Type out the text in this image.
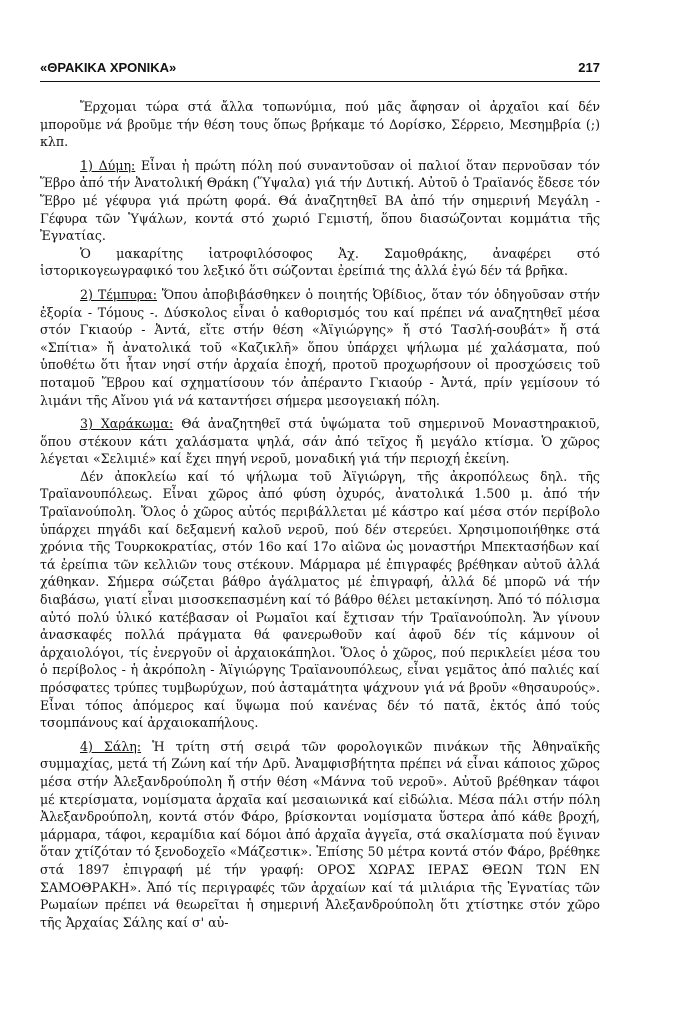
«ΘΡΑΚΙΚΑ ΧΡΟΝΙΚΑ»	217

Ἔρχομαι τώρα στά ἄλλα τοπωνύμια, πού μᾶς ἄφησαν οἱ ἀρχαῖοι καί δέν μποροῦμε νά βροῦμε τήν θέση τους ὅπως βρήκαμε τό Δορίσκο, Σέρρειο, Μεσημβρία (;) κλπ.

1) Δύμη: Εἶναι ἡ πρώτη πόλη πού συναντοῦσαν οἱ παλιοί ὅταν περνοῦσαν τόν Ἕβρο ἀπό τήν Ἀνατολική Θράκη (Ὕψαλα) γιά τήν Δυτική. Αὐτοῦ ὁ Τραϊανός ἔδεσε τόν Ἕβρο μέ γέφυρα γιά πρώτη φορά. Θά ἀναζητηθεῖ ΒΑ ἀπό τήν σημερινή Μεγάλη - Γέφυρα τῶν Ὑψάλων, κοντά στό χωριό Γεμιστή, ὅπου διασώζονται κομμάτια τῆς Ἐγνατίας.

Ὁ μακαρίτης ἰατροφιλόσοφος Ἀχ. Σαμοθράκης, ἀναφέρει στό ἱστορικογεωγραφικό του λεξικό ὅτι σώζονται ἐρείπιά της ἀλλά ἐγώ δέν τά βρῆκα.

2) Τέμπυρα: Ὅπου ἀποβιβάσθηκεν ὁ ποιητής Ὀβίδιος, ὅταν τόν ὁδηγοῦσαν στήν ἐξορία - Τόμους -. Δύσκολος εἶναι ὁ καθορισμός του καί πρέπει νά αναζητηθεῖ μέσα στόν Γκιαούρ - Ἀντά, εἴτε στήν θέση «Ἀϊγιώργης» ἤ στό Τασλή-σουβάτ» ἤ στά «Σπίτια» ἤ ἀνατολικά τοῦ «Καζικλῆ» ὅπου ὑπάρχει ψήλωμα μέ χαλάσματα, πού ὑποθέτω ὅτι ἦταν νησί στήν ἀρχαία ἐποχή, προτοῦ προχωρήσουν οἱ προσχώσεις τοῦ ποταμοῦ Ἕβρου καί σχηματίσουν τόν ἀπέραντο Γκιαούρ - Ἀντά, πρίν γεμίσουν τό λιμάνι τῆς Αἴνου γιά νά καταντήσει σήμερα μεσογειακή πόλη.

3) Χαράκωμα: Θά ἀναζητηθεῖ στά ὑψώματα τοῦ σημερινοῦ Μοναστηρακιοῦ, ὅπου στέκουν κάτι χαλάσματα ψηλά, σάν ἀπό τεῖχος ἤ μεγάλο κτίσμα. Ὁ χῶρος λέγεται «Σελιμιέ» καί ἔχει πηγή νεροῦ, μοναδική γιά τήν περιοχή ἐκείνη.

Δέν ἀποκλείω καί τό ψήλωμα τοῦ Ἀϊγιώργη, τῆς ἀκροπόλεως δηλ. τῆς Τραϊανουπόλεως. Εἶναι χῶρος ἀπό φύση ὀχυρός, ἀνατολικά 1.500 μ. ἀπό τήν Τραϊανούπολη. Ὅλος ὁ χῶρος αὐτός περιβάλλεται μέ κάστρο καί μέσα στόν περίβολο ὑπάρχει πηγάδι καί δεξαμενή καλοῦ νεροῦ, πού δέν στερεύει. Χρησιμοποιήθηκε στά χρόνια τῆς Τουρκοκρατίας, στόν 16ο καί 17ο αἰῶνα ὡς μοναστήρι Μπεκτασήδων καί τά ἐρείπια τῶν κελλιῶν τους στέκουν. Μάρμαρα μέ ἐπιγραφές βρέθηκαν αὐτοῦ ἀλλά χάθηκαν. Σήμερα σώζεται βάθρο ἀγάλματος μέ ἐπιγραφή, ἀλλά δέ μπορῶ νά τήν διαβάσω, γιατί εἶναι μισοσκεπασμένη καί τό βάθρο θέλει μετακίνηση. Ἀπό τό πόλισμα αὐτό πολύ ὑλικό κατέβασαν οἱ Ρωμαῖοι καί ἔχτισαν τήν Τραϊανούπολη. Ἄν γίνουν ἀνασκαφές πολλά πράγματα θά φανερωθοῦν καί ἀφοῦ δέν τίς κάμνουν οἱ ἀρχαιολόγοι, τίς ἐνεργοῦν οἱ ἀρχαιοκάπηλοι. Ὅλος ὁ χῶρος, πού περικλείει μέσα του ὁ περίβολος - ἡ ἀκρόπολη - Ἀϊγιώργης Τραϊανουπόλεως, εἶναι γεμᾶτος ἀπό παλιές καί πρόσφατες τρύπες τυμβωρύχων, πού ἀσταμάτητα ψάχνουν γιά νά βροῦν «θησαυρούς». Εἶναι τόπος ἀπόμερος καί ὕψωμα πού κανένας δέν τό πατᾶ, ἐκτός ἀπό τούς τσομπάνους καί ἀρχαιοκαπήλους.

4) Σάλη: Ἡ τρίτη στή σειρά τῶν φορολογικῶν πινάκων τῆς Ἀθηναϊκῆς συμμαχίας, μετά τή Ζώνη καί τήν Δρῦ. Ἀναμφισβήτητα πρέπει νά εἶναι κάποιος χῶρος μέσα στήν Ἀλεξανδρούπολη ἤ στήν θέση «Μάννα τοῦ νεροῦ». Αὐτοῦ βρέθηκαν τάφοι μέ κτερίσματα, νομίσματα ἀρχαῖα καί μεσαιωνικά καί εἰδώλια. Μέσα πάλι στήν πόλη Ἀλεξανδρούπολη, κοντά στόν Φάρο, βρίσκονται νομίσματα ὕστερα ἀπό κάθε βροχή, μάρμαρα, τάφοι, κεραμίδια καί δόμοι ἀπό ἀρχαῖα ἀγγεῖα, στά σκαλίσματα πού ἔγιναν ὅταν χτίζόταν τό ξενοδοχεῖο «Μάζεστικ». Ἐπίσης 50 μέτρα κοντά στόν Φάρο, βρέθηκε στά 1897 ἐπιγραφή μέ τήν γραφή: ΟΡΟΣ ΧΩΡΑΣ ΙΕΡΑΣ ΘΕΩΝ ΤΩΝ ΕΝ ΣΑΜΟΘΡΑΚΗ». Ἀπό τίς περιγραφές τῶν ἀρχαίων καί τά μιλιάρια τῆς Ἐγνατίας τῶν Ρωμαίων πρέπει νά θεωρεῖται ἡ σημερινή Ἀλεξανδρούπολη ὅτι χτίστηκε στόν χῶρο τῆς Ἀρχαίας Σάλης καί σ' αὐ-
